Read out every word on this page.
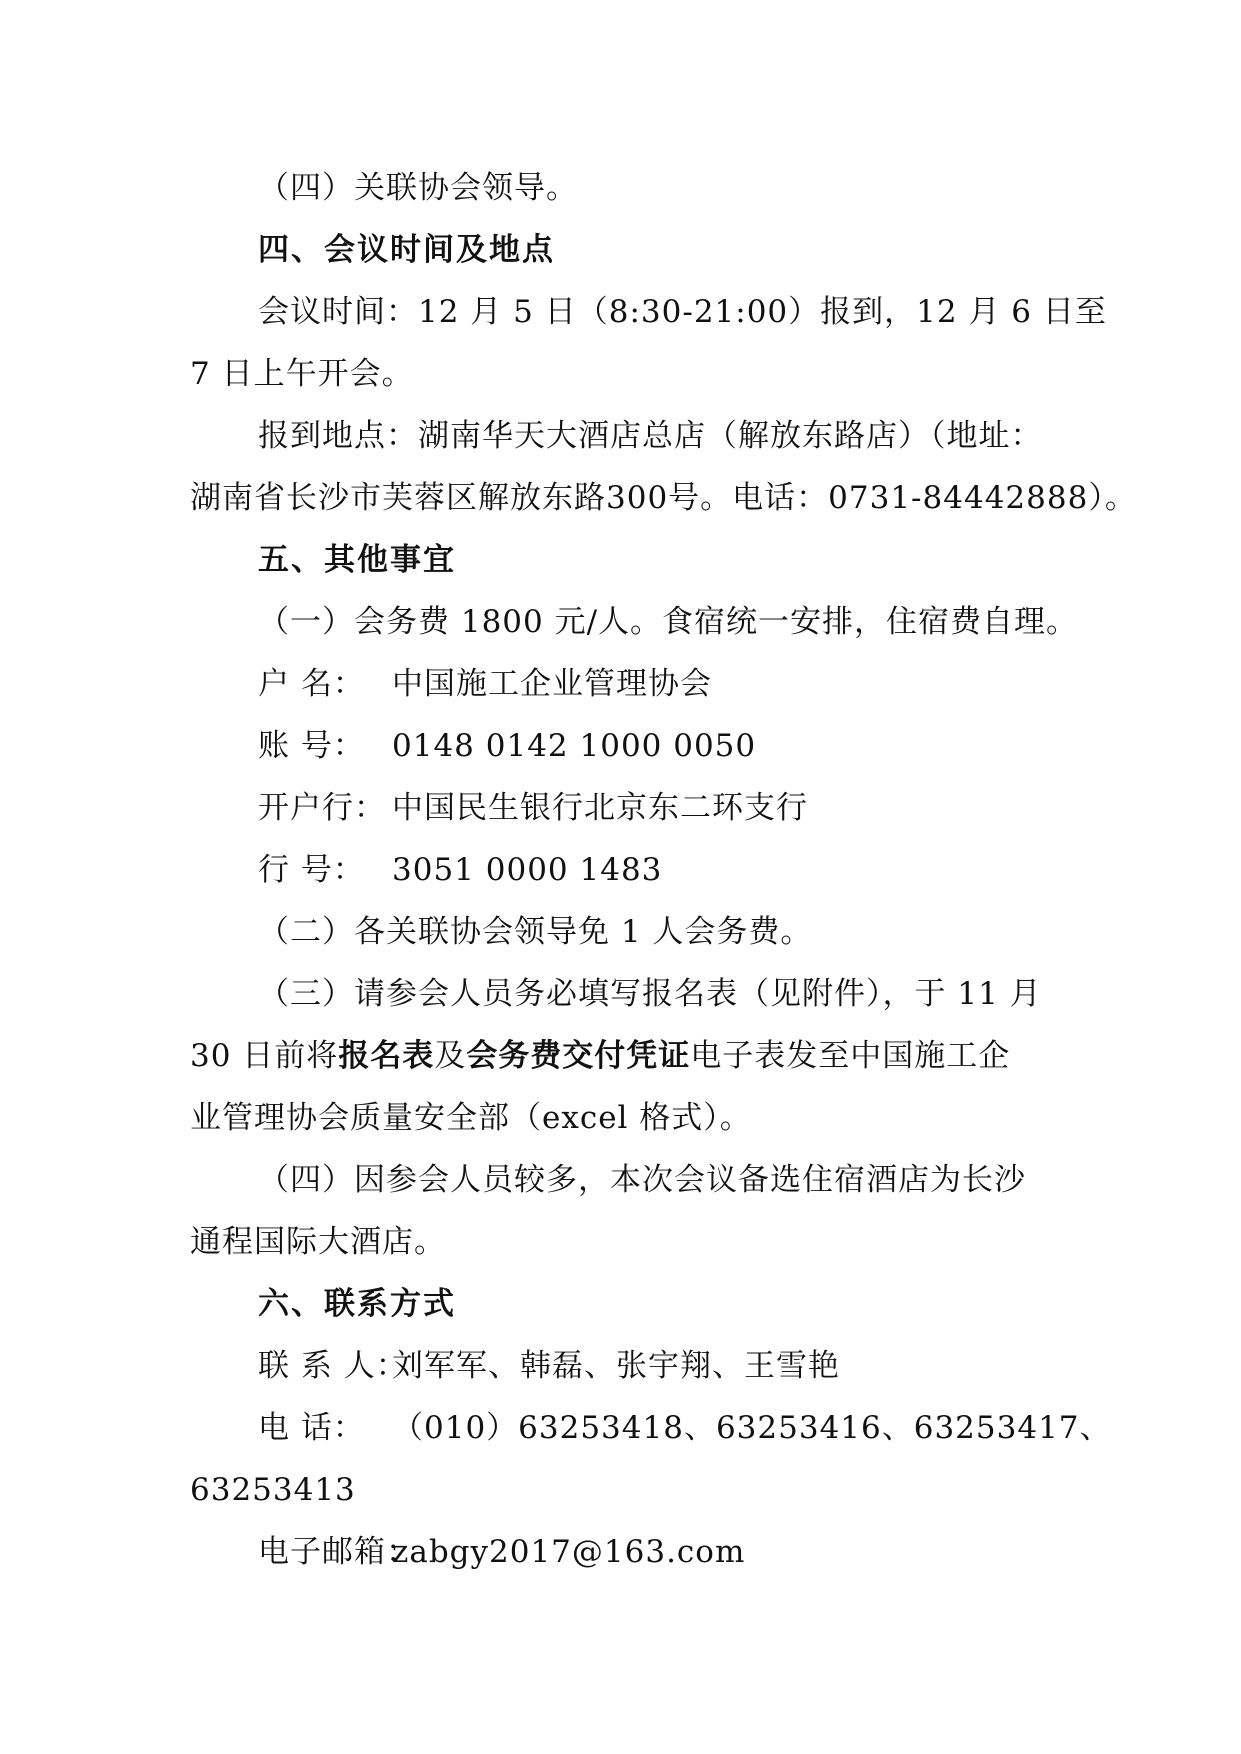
（四）关联协会领导。
四、会议时间及地点
会议时间：12 月 5 日（8:30-21:00）报到，12 月 6 日至
7 日上午开会。
报到地点：湖南华天大酒店总店（解放东路店）（地址：
湖南省长沙市芙蓉区解放东路300号。电话：0731-84442888）。
五、其他事宜
（一）会务费 1800 元/人。食宿统一安排，住宿费自理。
户 名： 中国施工企业管理协会
账 号： 0148 0142 1000 0050
开户行： 中国民生银行北京东二环支行
行 号： 3051 0000 1483
（二）各关联协会领导免 1 人会务费。
（三）请参会人员务必填写报名表（见附件），于 11 月
30 日前将报名表及会务费交付凭证电子表发至中国施工企
业管理协会质量安全部（excel 格式）。
（四）因参会人员较多，本次会议备选住宿酒店为长沙
通程国际大酒店。
六、联系方式
联 系 人：刘军军、韩磊、张宇翔、王雪艳
电 话： （010）63253418、63253416、63253417、
63253413
电子邮箱：zabgy2017@163.com
